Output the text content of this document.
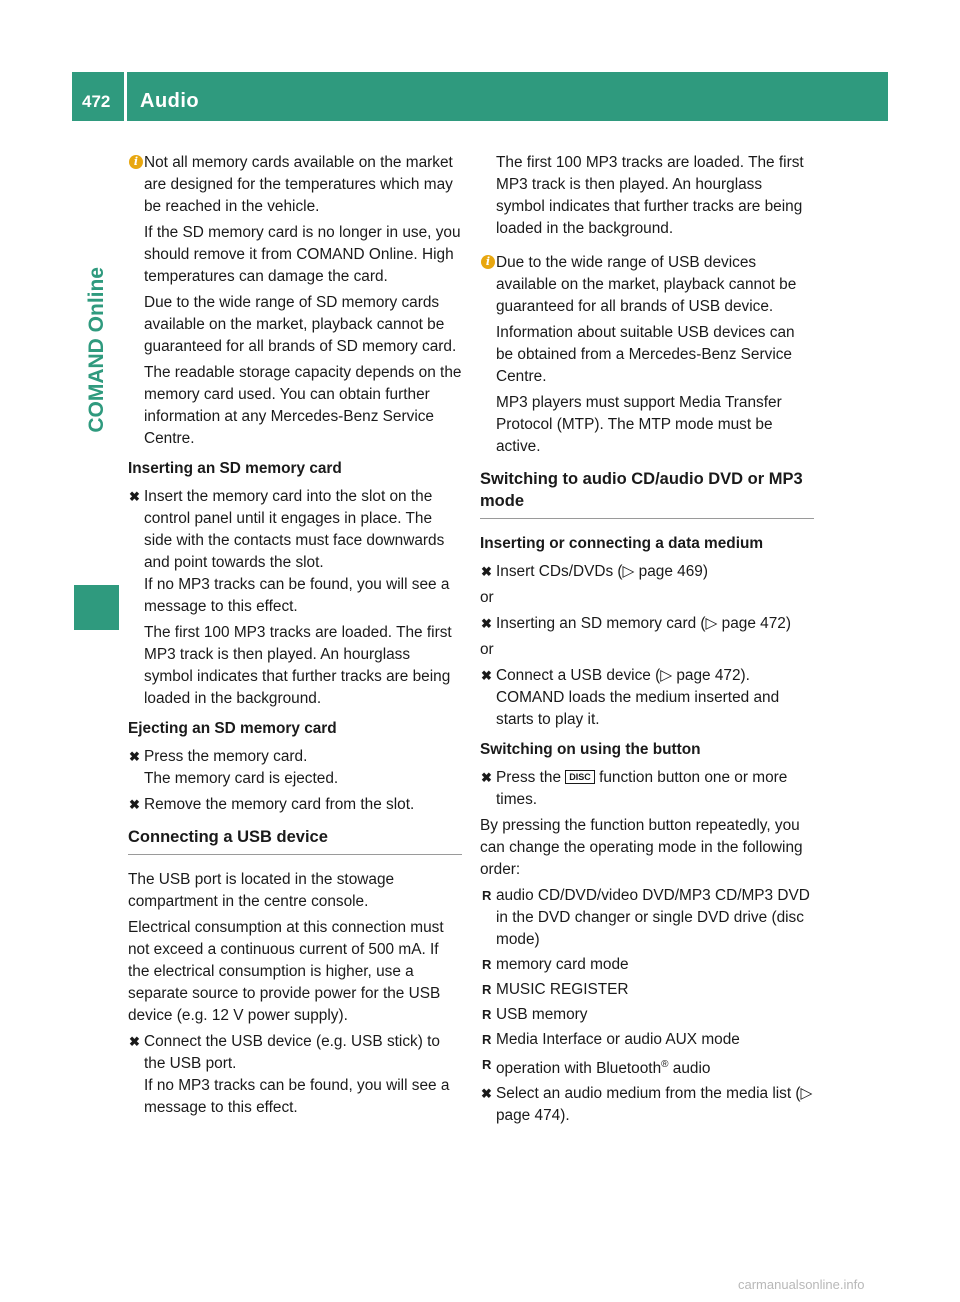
472 Audio
COMAND Online
i Not all memory cards available on the market are designed for the temperatures which may be reached in the vehicle.

If the SD memory card is no longer in use, you should remove it from COMAND Online. High temperatures can damage the card.

Due to the wide range of SD memory cards available on the market, playback cannot be guaranteed for all brands of SD memory card.

The readable storage capacity depends on the memory card used. You can obtain further information at any Mercedes-Benz Service Centre.

Inserting an SD memory card
✖ Insert the memory card into the slot on the control panel until it engages in place. The side with the contacts must face downwards and point towards the slot.
If no MP3 tracks can be found, you will see a message to this effect.

The first 100 MP3 tracks are loaded. The first MP3 track is then played. An hourglass symbol indicates that further tracks are being loaded in the background.

Ejecting an SD memory card
✖ Press the memory card.
The memory card is ejected.

✖ Remove the memory card from the slot.

Connecting a USB device

The USB port is located in the stowage compartment in the centre console.

Electrical consumption at this connection must not exceed a continuous current of 500 mA. If the electrical consumption is higher, use a separate source to provide power for the USB device (e.g. 12 V power supply).

✖ Connect the USB device (e.g. USB stick) to the USB port.
If no MP3 tracks can be found, you will see a message to this effect.

The first 100 MP3 tracks are loaded. The first MP3 track is then played. An hourglass symbol indicates that further tracks are being loaded in the background.

i Due to the wide range of USB devices available on the market, playback cannot be guaranteed for all brands of USB device.

Information about suitable USB devices can be obtained from a Mercedes-Benz Service Centre.

MP3 players must support Media Transfer Protocol (MTP). The MTP mode must be active.

Switching to audio CD/audio DVD or MP3 mode
Inserting or connecting a data medium
✖ Insert CDs/DVDs (▷ page 469)

or

✖ Inserting an SD memory card (▷ page 472)

or

✖ Connect a USB device (▷ page 472).
COMAND loads the medium inserted and starts to play it.

Switching on using the button
✖ Press the DISC function button one or more times.

By pressing the function button repeatedly, you can change the operating mode in the following order:

R audio CD/DVD/video DVD/MP3 CD/MP3 DVD in the DVD changer or single DVD drive (disc mode)
R memory card mode
R MUSIC REGISTER
R USB memory
R Media Interface or audio AUX mode
R operation with Bluetooth® audio
✖ Select an audio medium from the media list (▷ page 474).

carmanualsonline.info
